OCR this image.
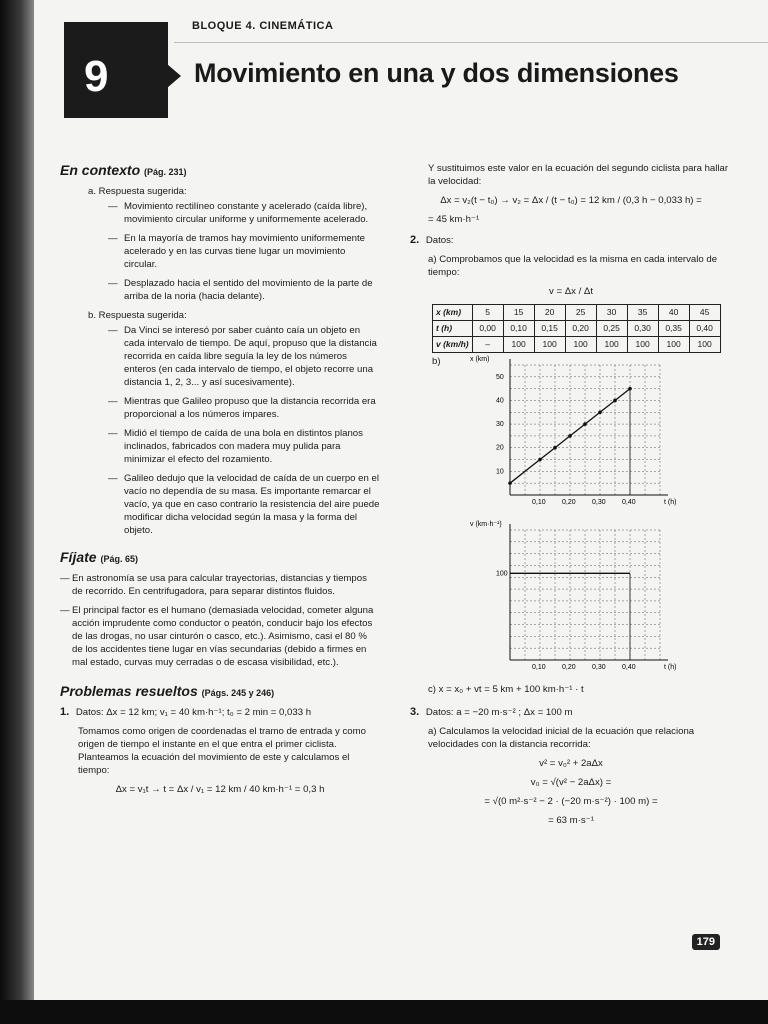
BLOQUE 4. CINEMÁTICA
9	Movimiento en una y dos dimensiones
En contexto (Pág. 231)
a. Respuesta sugerida:
— Movimiento rectilíneo constante y acelerado (caída libre), movimiento circular uniforme y uniformemente acelerado.
— En la mayoría de tramos hay movimiento uniformemente acelerado y en las curvas tiene lugar un movimiento circular.
— Desplazado hacia el sentido del movimiento de la parte de arriba de la noria (hacia delante).
b. Respuesta sugerida:
— Da Vinci se interesó por saber cuánto caía un objeto en cada intervalo de tiempo. De aquí, propuso que la distancia recorrida en caída libre seguía la ley de los números enteros (en cada intervalo de tiempo, el objeto recorre una distancia 1, 2, 3... y así sucesivamente).
— Mientras que Galileo propuso que la distancia recorrida era proporcional a los números impares.
— Midió el tiempo de caída de una bola en distintos planos inclinados, fabricados con madera muy pulida para minimizar el efecto del rozamiento.
— Galileo dedujo que la velocidad de caída de un cuerpo en el vacío no dependía de su masa. Es importante remarcar el vacío, ya que en caso contrario la resistencia del aire puede modificar dicha velocidad según la masa y la forma del objeto.
Fíjate (Pág. 65)
— En astronomía se usa para calcular trayectorias, distancias y tiempos de recorrido. En centrifugadora, para separar distintos fluidos.
— El principal factor es el humano (demasiada velocidad, cometer alguna acción imprudente como conductor o peatón, conducir bajo los efectos de las drogas, no usar cinturón o casco, etc.). Asimismo, casi el 80 % de los accidentes tiene lugar en vías secundarias (debido a firmes en mal estado, curvas muy cerradas o de escasa visibilidad, etc.).
Problemas resueltos (Págs. 245 y 246)
1. Datos: Δx = 12 km; v₁ = 40 km·h⁻¹; t₀ = 2 min = 0,033 h
Tomamos como origen de coordenadas el tramo de entrada y como origen de tiempo el instante en el que entra el primer ciclista. Planteamos la ecuación del movimiento de este y calculamos el tiempo:
Δx = v₁t → t = Δx / v₁ = 12 km / 40 km·h⁻¹ = 0,3 h
Y sustituimos este valor en la ecuación del segundo ciclista para hallar la velocidad:
Δx = v₂(t − t₀) → v₂ = Δx / (t − t₀) = 12 km / (0,3 h − 0,033 h) =
= 45 km·h⁻¹
2. Datos:
a) Comprobamos que la velocidad es la misma en cada intervalo de tiempo:
v = Δx / Δt
x (km)	5	15	20	25	30	35	40	45
t (h)	0,00	0,10	0,15	0,20	0,25	0,30	0,35	0,40
v (km/h)	–	100	100	100	100	100	100	100
b)	x (km)
t (h)
0,10 0,20 0,30 0,40
10
20
30
40
50
v (km·h⁻¹)
t (h)
0,10 0,20 0,30 0,40
100
c) x = x₀ + vt = 5 km + 100 km·h⁻¹ · t
3. Datos: a = −20 m·s⁻² ; Δx = 100 m
a) Calculamos la velocidad inicial de la ecuación que relaciona velocidades con la distancia recorrida:
v² = v₀² + 2aΔx
v₀ = √(v² − 2aΔx) =
= √(0 m²·s⁻² − 2 · (−20 m·s⁻²) · 100 m) =
= 63 m·s⁻¹
179
